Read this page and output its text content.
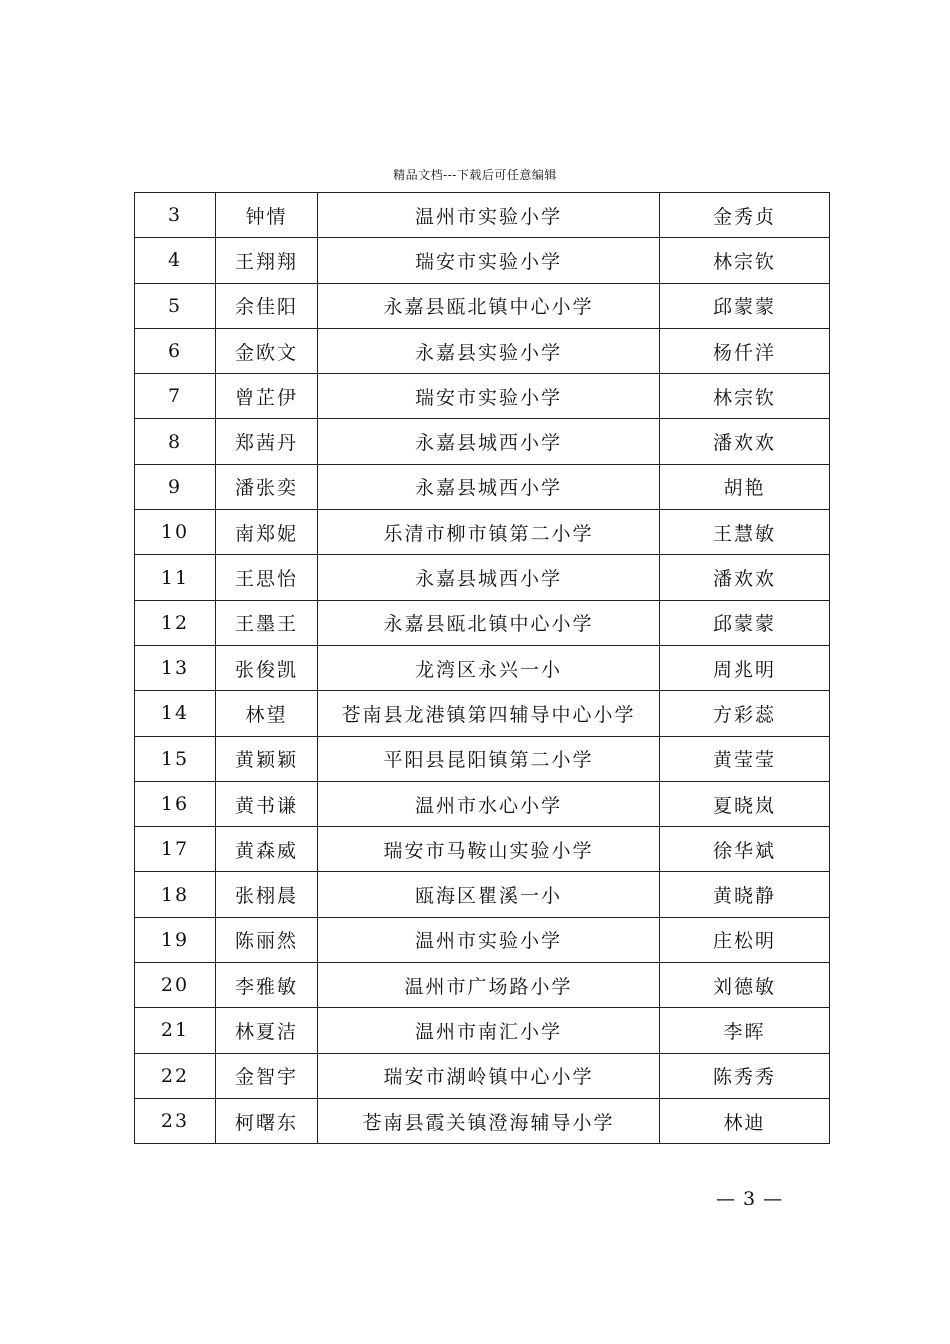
精品文档---下载后可任意编辑
3	钟情	温州市实验小学	金秀贞
4	王翔翔	瑞安市实验小学	林宗钦
5	余佳阳	永嘉县瓯北镇中心小学	邱蒙蒙
6	金欧文	永嘉县实验小学	杨仟洋
7	曾芷伊	瑞安市实验小学	林宗钦
8	郑茜丹	永嘉县城西小学	潘欢欢
9	潘张奕	永嘉县城西小学	胡艳
10	南郑妮	乐清市柳市镇第二小学	王慧敏
11	王思怡	永嘉县城西小学	潘欢欢
12	王墨王	永嘉县瓯北镇中心小学	邱蒙蒙
13	张俊凯	龙湾区永兴一小	周兆明
14	林望	苍南县龙港镇第四辅导中心小学	方彩蕊
15	黄颖颖	平阳县昆阳镇第二小学	黄莹莹
16	黄书谦	温州市水心小学	夏晓岚
17	黄森威	瑞安市马鞍山实验小学	徐华斌
18	张栩晨	瓯海区瞿溪一小	黄晓静
19	陈丽然	温州市实验小学	庄松明
20	李雅敏	温州市广场路小学	刘德敏
21	林夏洁	温州市南汇小学	李晖
22	金智宇	瑞安市湖岭镇中心小学	陈秀秀
23	柯曙东	苍南县霞关镇澄海辅导小学	林迪
— 3 —
